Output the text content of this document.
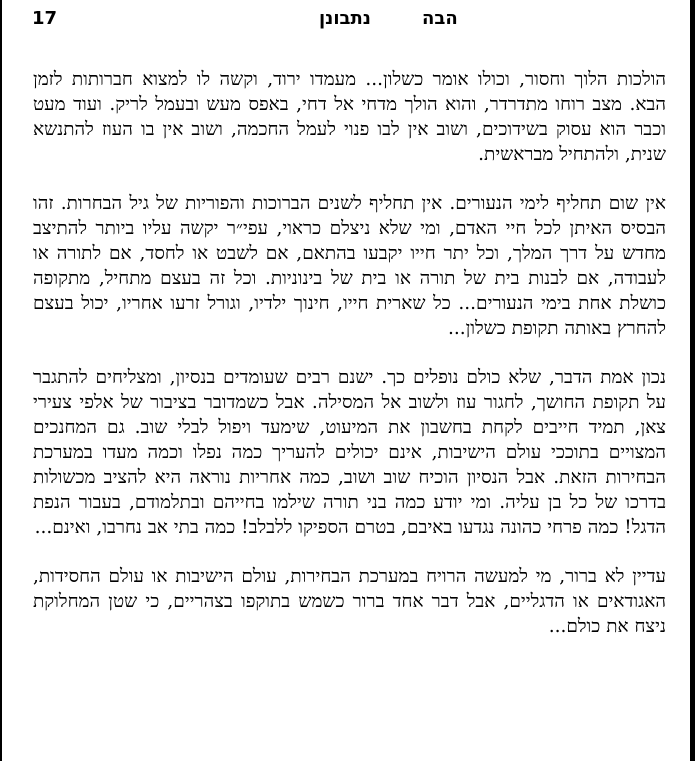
17	נתבונן	הבה

הולכות הלוך וחסור, וכולו אומר כשלון... מעמדו ירוד, וקשה לו למצוא חברותות לזמן הבא. מצב רוחו מתדרדר, והוא הולך מדחי אל דחי, באפס מעש ובעמל לריק. ועוד מעט וכבר הוא עסוק בשידוכים, ושוב אין לבו פנוי לעמל החכמה, ושוב אין בו העוז להתנשא שנית, ולהתחיל מבראשית.

אין שום תחליף לימי הנעורים. אין תחליף לשנים הברוכות והפוריות של גיל הבחרות. זהו הבסיס האיתן לכל חיי האדם, ומי שלא ניצלם כראוי, עפי״ר יקשה עליו ביותר להתיצב מחדש על דרך המלך, וכל יתר חייו יקבעו בהתאם, אם לשבט או לחסד, אם לתורה או לעבודה, אם לבנות בית של תורה או בית של בינוניות. וכל זה בעצם מתחיל, מתקופה כושלת אחת בימי הנעורים... כל שארית חייו, חינוך ילדיו, וגורל זרעו אחריו, יכול בעצם להחרץ באותה תקופת כשלון...

נכון אמת הדבר, שלא כולם נופלים כך. ישנם רבים שעומדים בנסיון, ומצליחים להתגבר על תקופת החושך, לחגור עוז ולשוב אל המסילה. אבל כשמדובר בציבור של אלפי צעירי צאן, תמיד חייבים לקחת בחשבון את המיעוט, שימעד ויפול לבלי שוב. גם המחנכים המצויים בתוככי עולם הישיבות, אינם יכולים להעריך כמה נפלו וכמה מעדו במערכת הבחירות הזאת. אבל הנסיון הוכיח שוב ושוב, כמה אחריות נוראה היא להציב מכשולות בדרכו של כל בן עליה. ומי יודע כמה בני תורה שילמו בחייהם ובתלמודם, בעבור הנפת הדגל! כמה פרחי כהונה נגדעו באיבם, בטרם הספיקו ללבלב! כמה בתי אב נחרבו, ואינם...

עדיין לא ברור, מי למעשה הרויח במערכת הבחירות, עולם הישיבות או עולם החסידות, האגודאים או הדגליים, אבל דבר אחד ברור כשמש בתוקפו בצהריים, כי שטן המחלוקת ניצח את כולם...
